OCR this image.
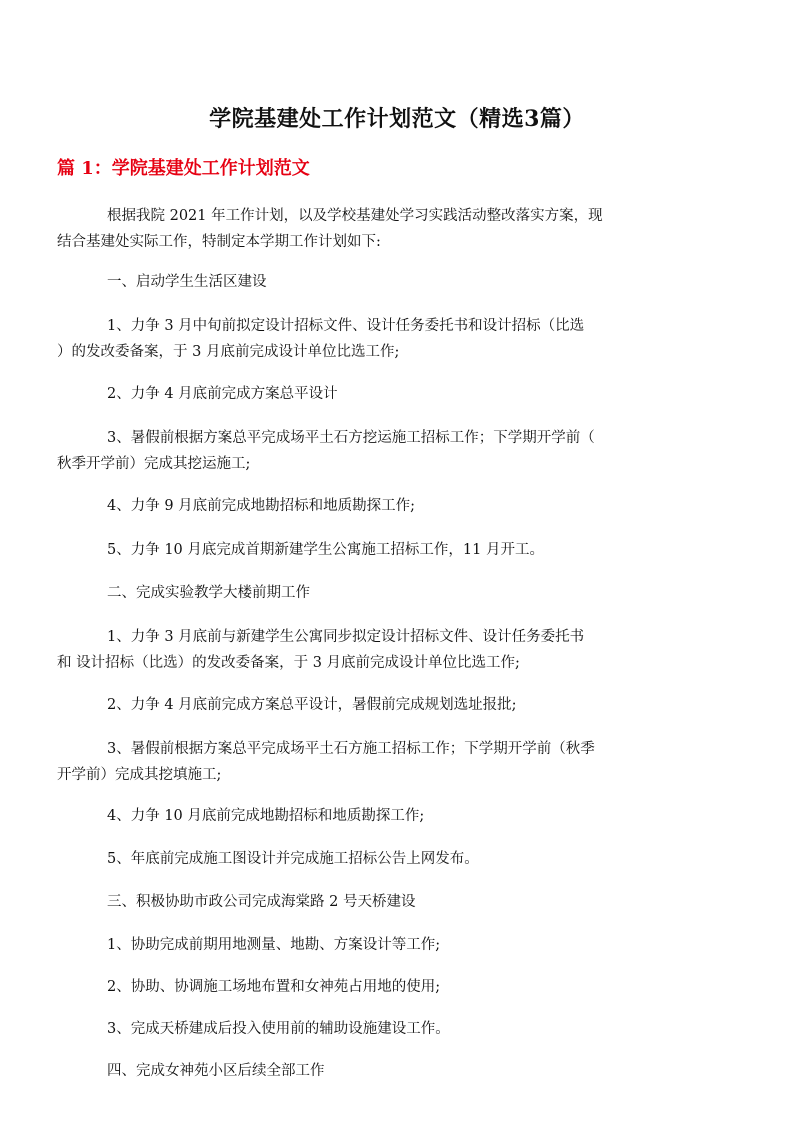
学院基建处工作计划范文（精选3篇）
篇 1：学院基建处工作计划范文

根据我院 2021 年工作计划，以及学校基建处学习实践活动整改落实方案，现
结合基建处实际工作，特制定本学期工作计划如下:

一、启动学生生活区建设

1、力争 3 月中旬前拟定设计招标文件、设计任务委托书和设计招标（比选
）的发改委备案，于 3 月底前完成设计单位比选工作;

2、力争 4 月底前完成方案总平设计

3、暑假前根据方案总平完成场平土石方挖运施工招标工作；下学期开学前（
秋季开学前）完成其挖运施工;

4、力争 9 月底前完成地勘招标和地质勘探工作;

5、力争 10 月底完成首期新建学生公寓施工招标工作，11 月开工。

二、完成实验教学大楼前期工作

1、力争 3 月底前与新建学生公寓同步拟定设计招标文件、设计任务委托书
和 设计招标（比选）的发改委备案，于 3 月底前完成设计单位比选工作;

2、力争 4 月底前完成方案总平设计，暑假前完成规划选址报批;

3、暑假前根据方案总平完成场平土石方施工招标工作；下学期开学前（秋季
开学前）完成其挖填施工;

4、力争 10 月底前完成地勘招标和地质勘探工作;

5、年底前完成施工图设计并完成施工招标公告上网发布。

三、积极协助市政公司完成海棠路 2 号天桥建设

1、协助完成前期用地测量、地勘、方案设计等工作;

2、协助、协调施工场地布置和女神苑占用地的使用;

3、完成天桥建成后投入使用前的辅助设施建设工作。

四、完成女神苑小区后续全部工作
